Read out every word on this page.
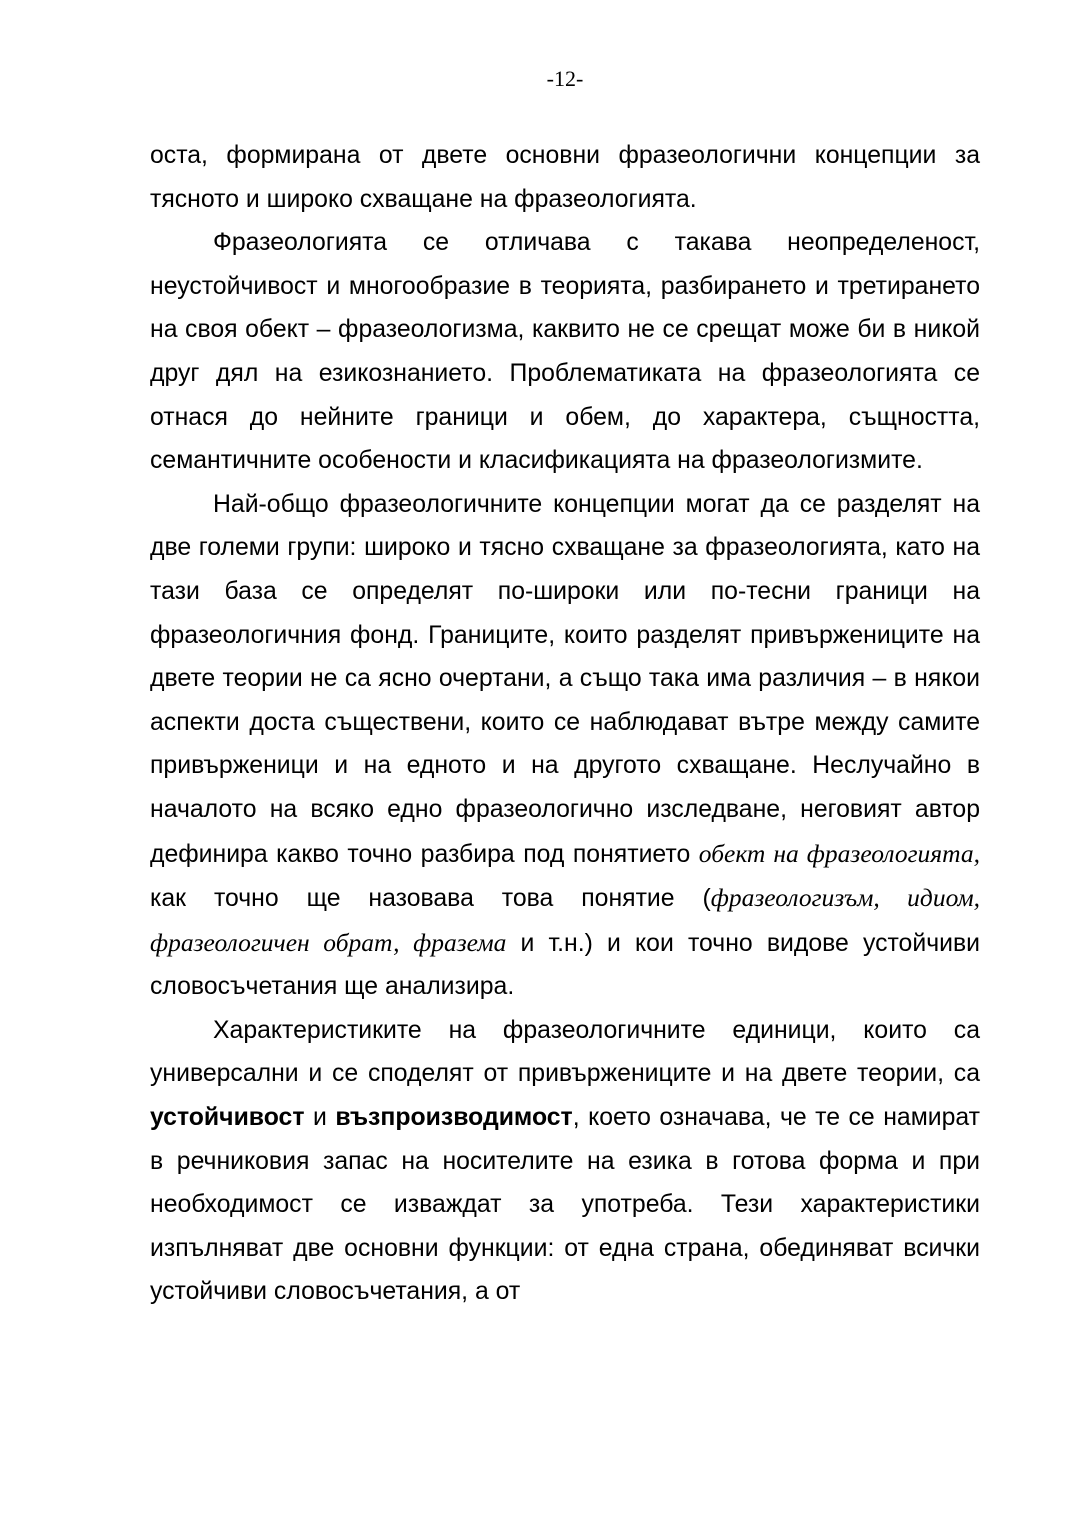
-12-

оста, формирана от двете основни фразеологични концепции за тясното и широко схващане на фразеологията.

Фразеологията се отличава с такава неопределеност, неустойчивост и многообразие в теорията, разбирането и третирането на своя обект – фразеологизма, каквито не се срещат може би в никой друг дял на езикознанието. Проблематиката на фразеологията се отнася до нейните граници и обем, до характера, същността, семантичните особености и класификацията на фразеологизмите.

Най-общо фразеологичните концепции могат да се разделят на две големи групи: широко и тясно схващане за фразеологията, като на тази база се определят по-широки или по-тесни граници на фразеологичния фонд. Границите, които разделят привържениците на двете теории не са ясно очертани, а също така има различия – в някои аспекти доста съществени, които се наблюдават вътре между самите привърженици и на едното и на другото схващане. Неслучайно в началото на всяко едно фразеологично изследване, неговият автор дефинира какво точно разбира под понятието обект на фразеологията, как точно ще назовава това понятие (фразеологизъм, идиом, фразеологичен обрат, фразема и т.н.) и кои точно видове устойчиви словосъчетания ще анализира.

Характеристиките на фразеологичните единици, които са универсални и се споделят от привържениците и на двете теории, са устойчивост и възпроизводимост, което означава, че те се намират в речниковия запас на носителите на езика в готова форма и при необходимост се изваждат за употреба. Тези характеристики изпълняват две основни функции: от една страна, обединяват всички устойчиви словосъчетания, а от
